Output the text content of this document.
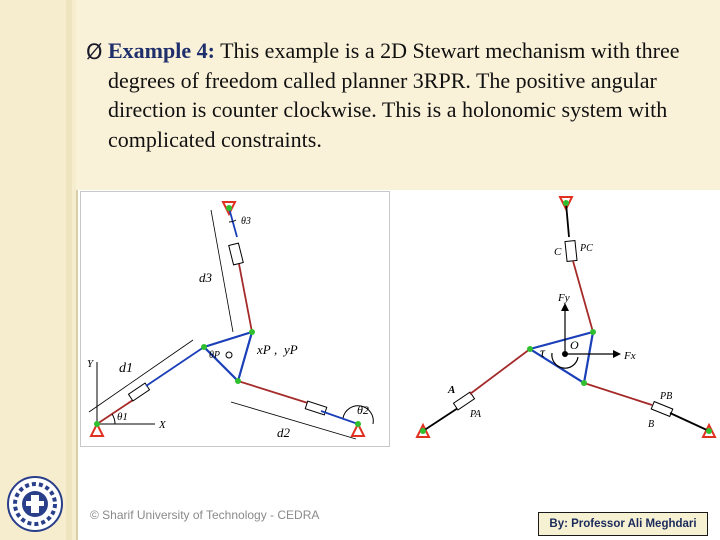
Ø Example 4: This example is a 2D Stewart mechanism with three degrees of freedom called planner 3RPR. The positive angular direction is counter clockwise. This is a holonomic system with complicated constraints.
d1
d2
d3
θ1	θ2
θ3
θP	xP , yP
Y
X
A
PA
B
PB
C PC
Fy
Fx
τ
O
© Sharif University of Technology - CEDRA
By: Professor Ali Meghdari
